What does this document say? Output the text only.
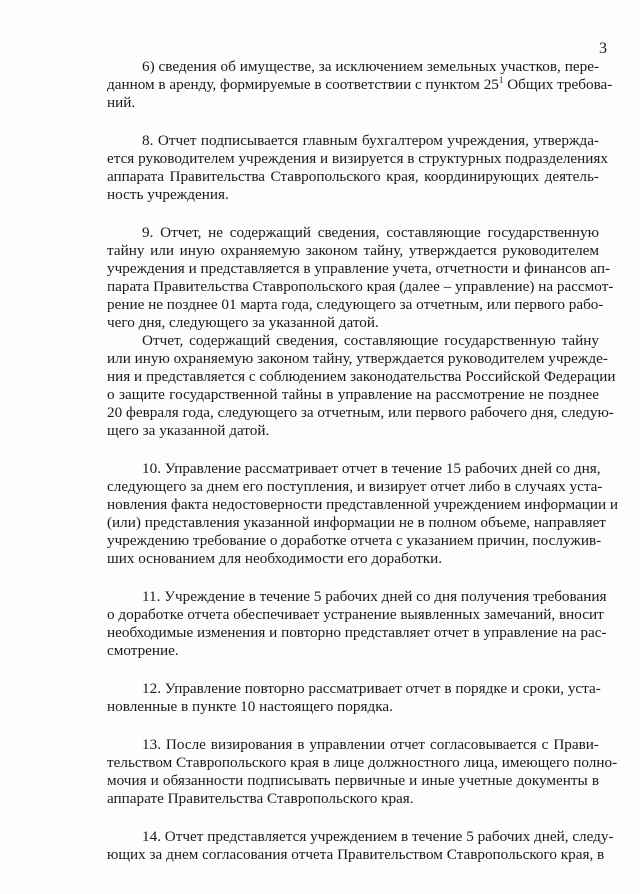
3
6) сведения об имуществе, за исключением земельных участков, пере-
данном в аренду, формируемые в соответствии с пунктом $25^1$ Общих требова-
ний.
8. Отчет подписывается главным бухгалтером учреждения, утвержда-
ется руководителем учреждения и визируется в структурных подразделениях
аппарата Правительства Ставропольского края, координирующих деятель-
ность учреждения.
9. Отчет, не содержащий сведения, составляющие государственную
тайну или иную охраняемую законом тайну, утверждается руководителем
учреждения и представляется в управление учета, отчетности и финансов ап-
парата Правительства Ставропольского края (далее – управление) на рассмот-
рение не позднее 01 марта года, следующего за отчетным, или первого рабо-
чего дня, следующего за указанной датой.
Отчет, содержащий сведения, составляющие государственную тайну
или иную охраняемую законом тайну, утверждается руководителем учрежде-
ния и представляется с соблюдением законодательства Российской Федерации
о защите государственной тайны в управление на рассмотрение не позднее
20 февраля года, следующего за отчетным, или первого рабочего дня, следую-
щего за указанной датой.
10. Управление рассматривает отчет в течение 15 рабочих дней со дня,
следующего за днем его поступления, и визирует отчет либо в случаях уста-
новления факта недостоверности представленной учреждением информации и
(или) представления указанной информации не в полном объеме, направляет
учреждению требование о доработке отчета с указанием причин, послужив-
ших основанием для необходимости его доработки.
11. Учреждение в течение 5 рабочих дней со дня получения требования
о доработке отчета обеспечивает устранение выявленных замечаний, вносит
необходимые изменения и повторно представляет отчет в управление на рас-
смотрение.
12. Управление повторно рассматривает отчет в порядке и сроки, уста-
новленные в пункте 10 настоящего порядка.
13. После визирования в управлении отчет согласовывается с Прави-
тельством Ставропольского края в лице должностного лица, имеющего полно-
мочия и обязанности подписывать первичные и иные учетные документы в
аппарате Правительства Ставропольского края.
14. Отчет представляется учреждением в течение 5 рабочих дней, следу-
ющих за днем согласования отчета Правительством Ставропольского края, в
